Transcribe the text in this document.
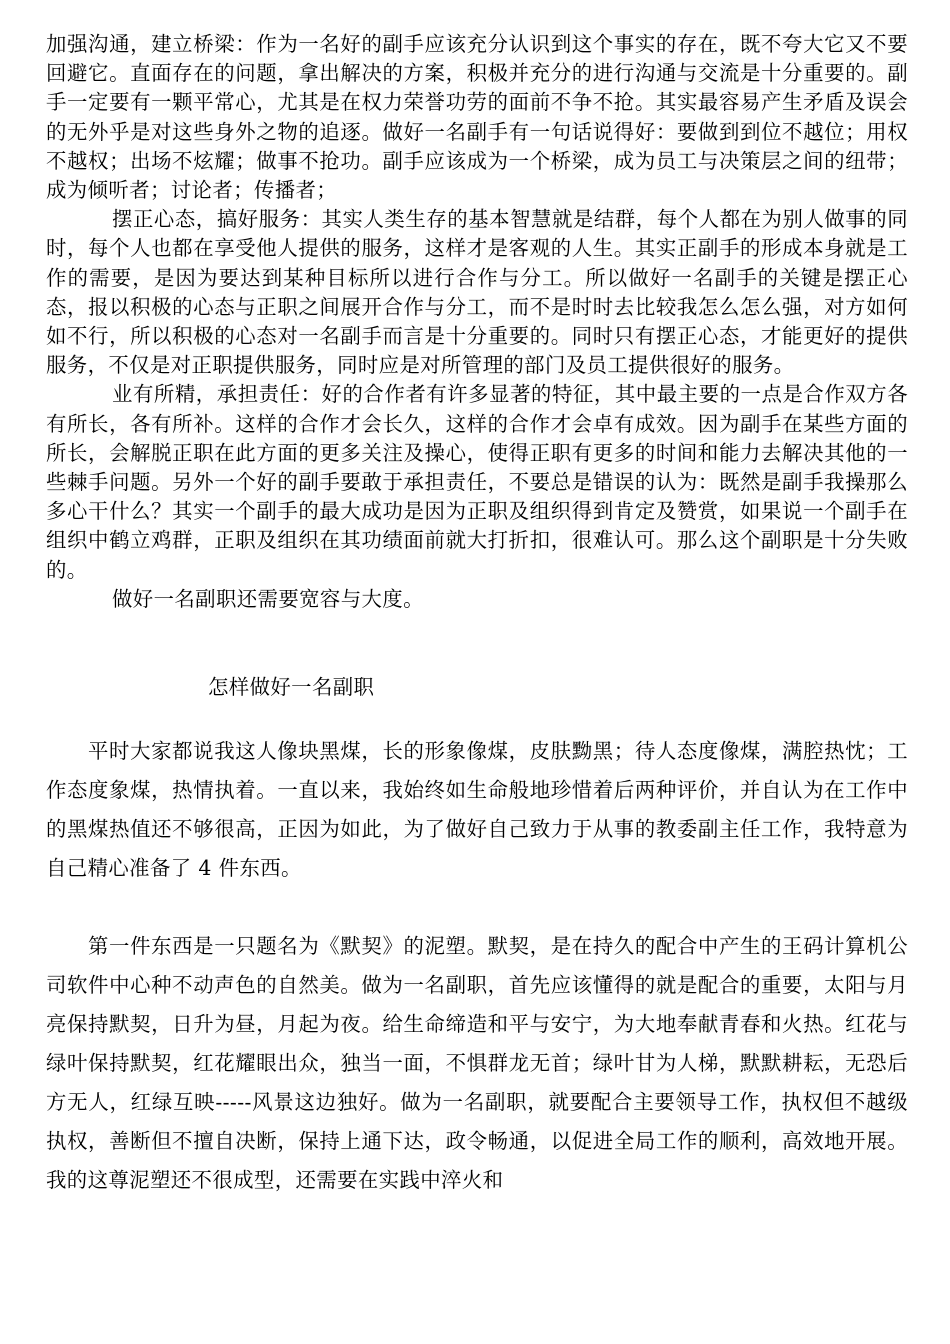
加强沟通，建立桥梁：作为一名好的副手应该充分认识到这个事实的存在，既不夸大它又不要回避它。直面存在的问题，拿出解决的方案，积极并充分的进行沟通与交流是十分重要的。副手一定要有一颗平常心，尤其是在权力荣誉功劳的面前不争不抢。其实最容易产生矛盾及误会的无外乎是对这些身外之物的追逐。做好一名副手有一句话说得好：要做到到位不越位；用权不越权；出场不炫耀；做事不抢功。副手应该成为一个桥梁，成为员工与决策层之间的纽带；成为倾听者；讨论者；传播者；

摆正心态，搞好服务：其实人类生存的基本智慧就是结群，每个人都在为别人做事的同时，每个人也都在享受他人提供的服务，这样才是客观的人生。其实正副手的形成本身就是工作的需要，是因为要达到某种目标所以进行合作与分工。所以做好一名副手的关键是摆正心态，报以积极的心态与正职之间展开合作与分工，而不是时时去比较我怎么怎么强，对方如何如不行，所以积极的心态对一名副手而言是十分重要的。同时只有摆正心态，才能更好的提供服务，不仅是对正职提供服务，同时应是对所管理的部门及员工提供很好的服务。

业有所精，承担责任：好的合作者有许多显著的特征，其中最主要的一点是合作双方各有所长，各有所补。这样的合作才会长久，这样的合作才会卓有成效。因为副手在某些方面的所长，会解脱正职在此方面的更多关注及操心，使得正职有更多的时间和能力去解决其他的一些棘手问题。另外一个好的副手要敢于承担责任，不要总是错误的认为：既然是副手我操那么多心干什么？其实一个副手的最大成功是因为正职及组织得到肯定及赞赏，如果说一个副手在组织中鹤立鸡群，正职及组织在其功绩面前就大打折扣，很难认可。那么这个副职是十分失败的。

做好一名副职还需要宽容与大度。

怎样做好一名副职

平时大家都说我这人像块黑煤，长的形象像煤，皮肤黝黑；待人态度像煤，满腔热忱；工作态度象煤，热情执着。一直以来，我始终如生命般地珍惜着后两种评价，并自认为在工作中的黑煤热值还不够很高，正因为如此，为了做好自己致力于从事的教委副主任工作，我特意为自己精心准备了 4 件东西。

第一件东西是一只题名为《默契》的泥塑。默契，是在持久的配合中产生的王码计算机公司软件中心种不动声色的自然美。做为一名副职，首先应该懂得的就是配合的重要，太阳与月亮保持默契，日升为昼，月起为夜。给生命缔造和平与安宁，为大地奉献青春和火热。红花与绿叶保持默契，红花耀眼出众，独当一面，不惧群龙无首；绿叶甘为人梯，默默耕耘，无恐后方无人，红绿互映-----风景这边独好。做为一名副职，就要配合主要领导工作，执权但不越级执权，善断但不擅自决断，保持上通下达，政令畅通，以促进全局工作的顺利，高效地开展。我的这尊泥塑还不很成型，还需要在实践中淬火和
